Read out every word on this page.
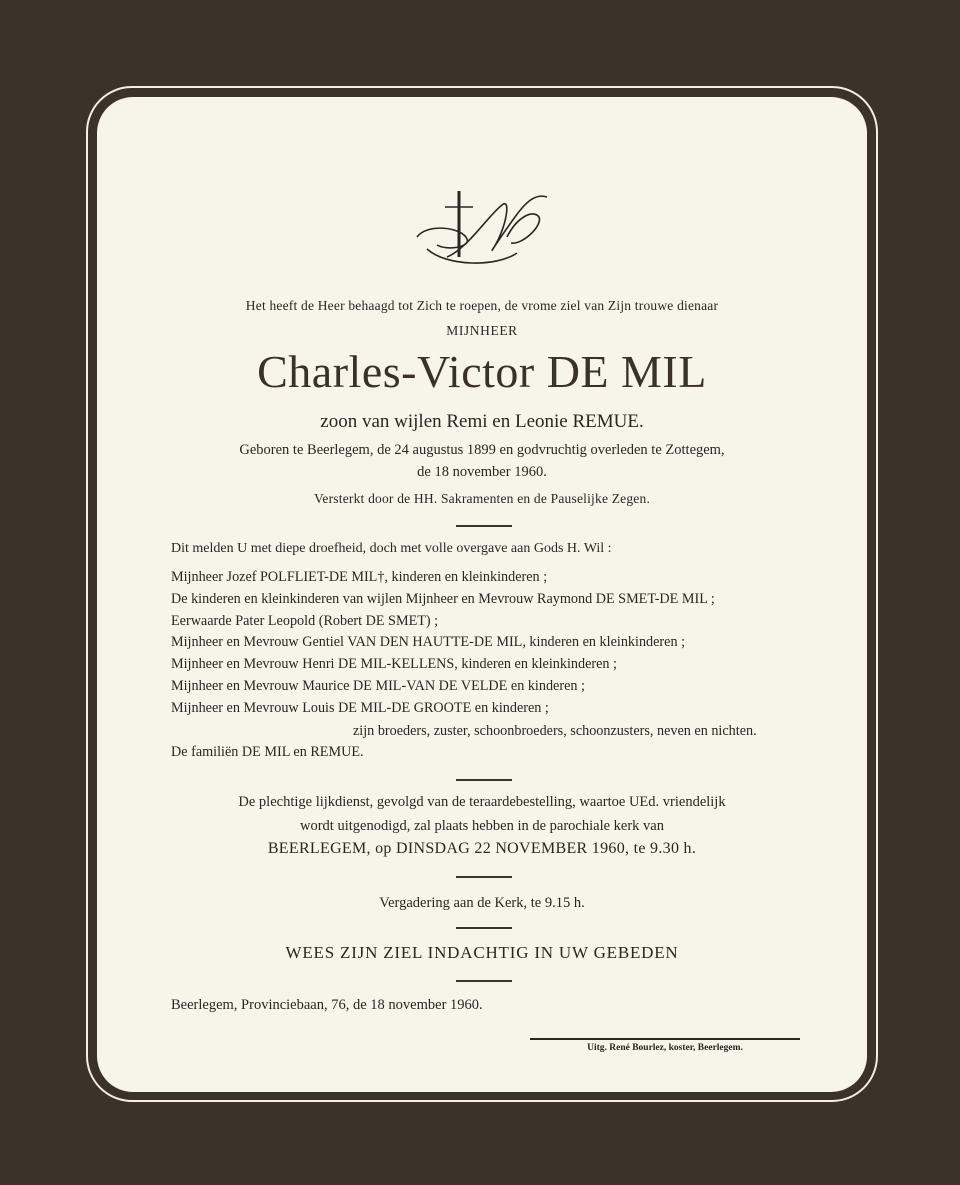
Het heeft de Heer behaagd tot Zich te roepen, de vrome ziel van Zijn trouwe dienaar
MIJNHEER
Charles-Victor DE MIL
zoon van wijlen Remi en Leonie REMUE.
Geboren te Beerlegem, de 24 augustus 1899 en godvruchtig overleden te Zottegem,
de 18 november 1960.
Versterkt door de HH. Sakramenten en de Pauselijke Zegen.
Dit melden U met diepe droefheid, doch met volle overgave aan Gods H. Wil :
Mijnheer Jozef POLFLIET-DE MIL†, kinderen en kleinkinderen ;
De kinderen en kleinkinderen van wijlen Mijnheer en Mevrouw Raymond DE SMET-DE MIL ;
Eerwaarde Pater Leopold (Robert DE SMET) ;
Mijnheer en Mevrouw Gentiel VAN DEN HAUTTE-DE MIL, kinderen en kleinkinderen ;
Mijnheer en Mevrouw Henri DE MIL-KELLENS, kinderen en kleinkinderen ;
Mijnheer en Mevrouw Maurice DE MIL-VAN DE VELDE en kinderen ;
Mijnheer en Mevrouw Louis DE MIL-DE GROOTE en kinderen ;
zijn broeders, zuster, schoonbroeders, schoonzusters, neven en nichten.
De familiën DE MIL en REMUE.
De plechtige lijkdienst, gevolgd van de teraardebestelling, waartoe UEd. vriendelijk
wordt uitgenodigd, zal plaats hebben in de parochiale kerk van
BEERLEGEM, op DINSDAG 22 NOVEMBER 1960, te 9.30 h.
Vergadering aan de Kerk, te 9.15 h.
WEES ZIJN ZIEL INDACHTIG IN UW GEBEDEN
Beerlegem, Provinciebaan, 76, de 18 november 1960.
Uitg. René Bourlez, koster, Beerlegem.
